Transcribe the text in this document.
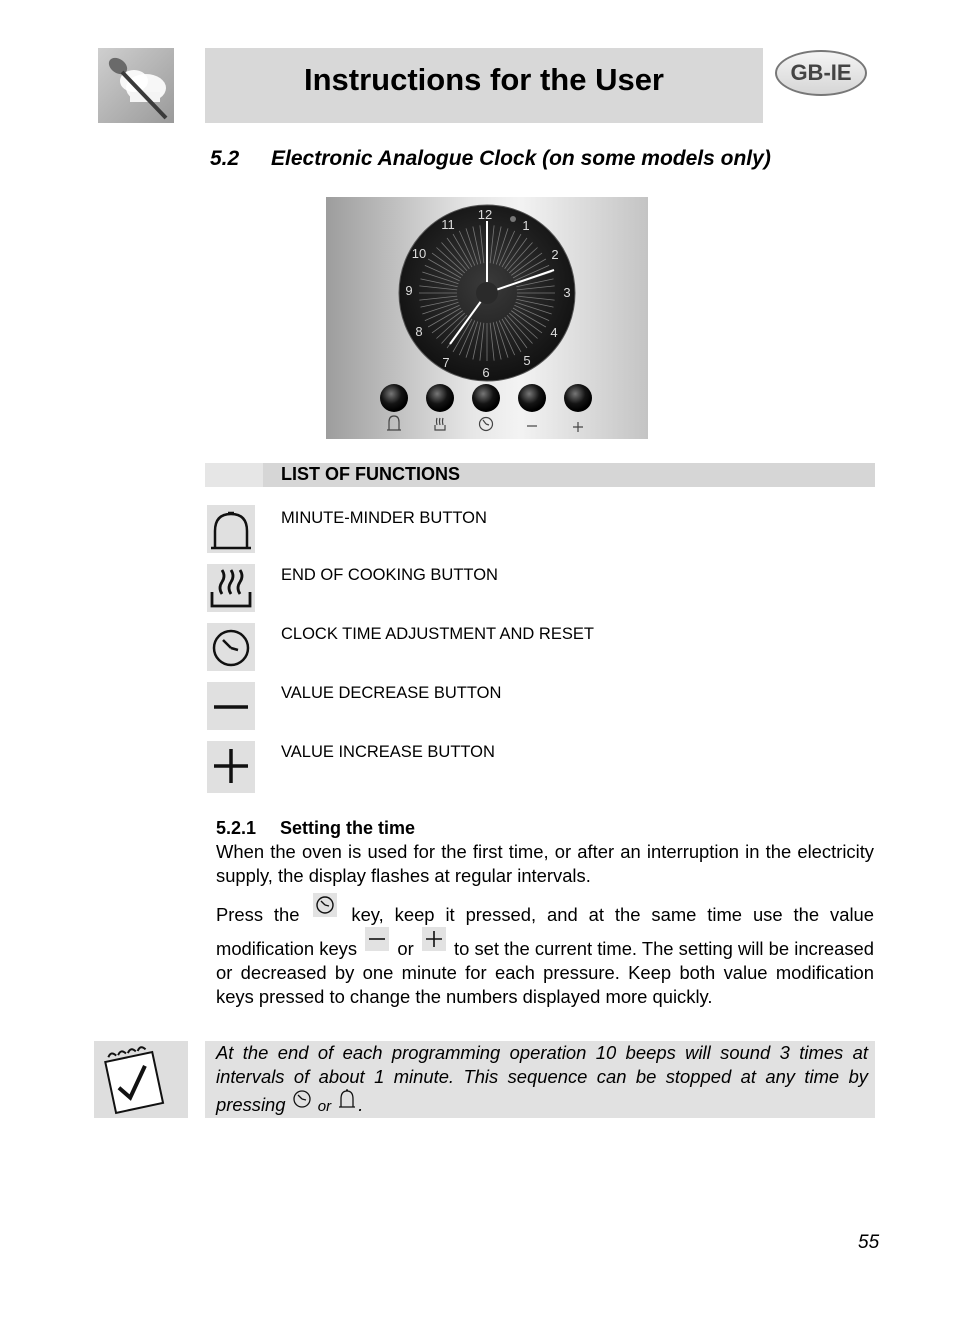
Instructions for the User	GB-IE
5.2 Electronic Analogue Clock (on some models only)
12
1
2
3
4
5
6
7
8
9
10
11
LIST OF FUNCTIONS
MINUTE-MINDER BUTTON
END OF COOKING BUTTON
CLOCK TIME ADJUSTMENT AND RESET
VALUE DECREASE BUTTON
VALUE INCREASE BUTTON
5.2.1 Setting the time
When the oven is used for the first time, or after an interruption in the electricity supply, the display flashes at regular intervals.
Press the	key, keep it pressed, and at the same time use the value modification keys or to set the current time. The setting will be increased or decreased by one minute for each pressure. Keep both value modification keys pressed to change the numbers displayed more quickly.
At the end of each programming operation 10 beeps will sound 3 times at intervals of about 1 minute. This sequence can be stopped at any time by pressing or .
55
